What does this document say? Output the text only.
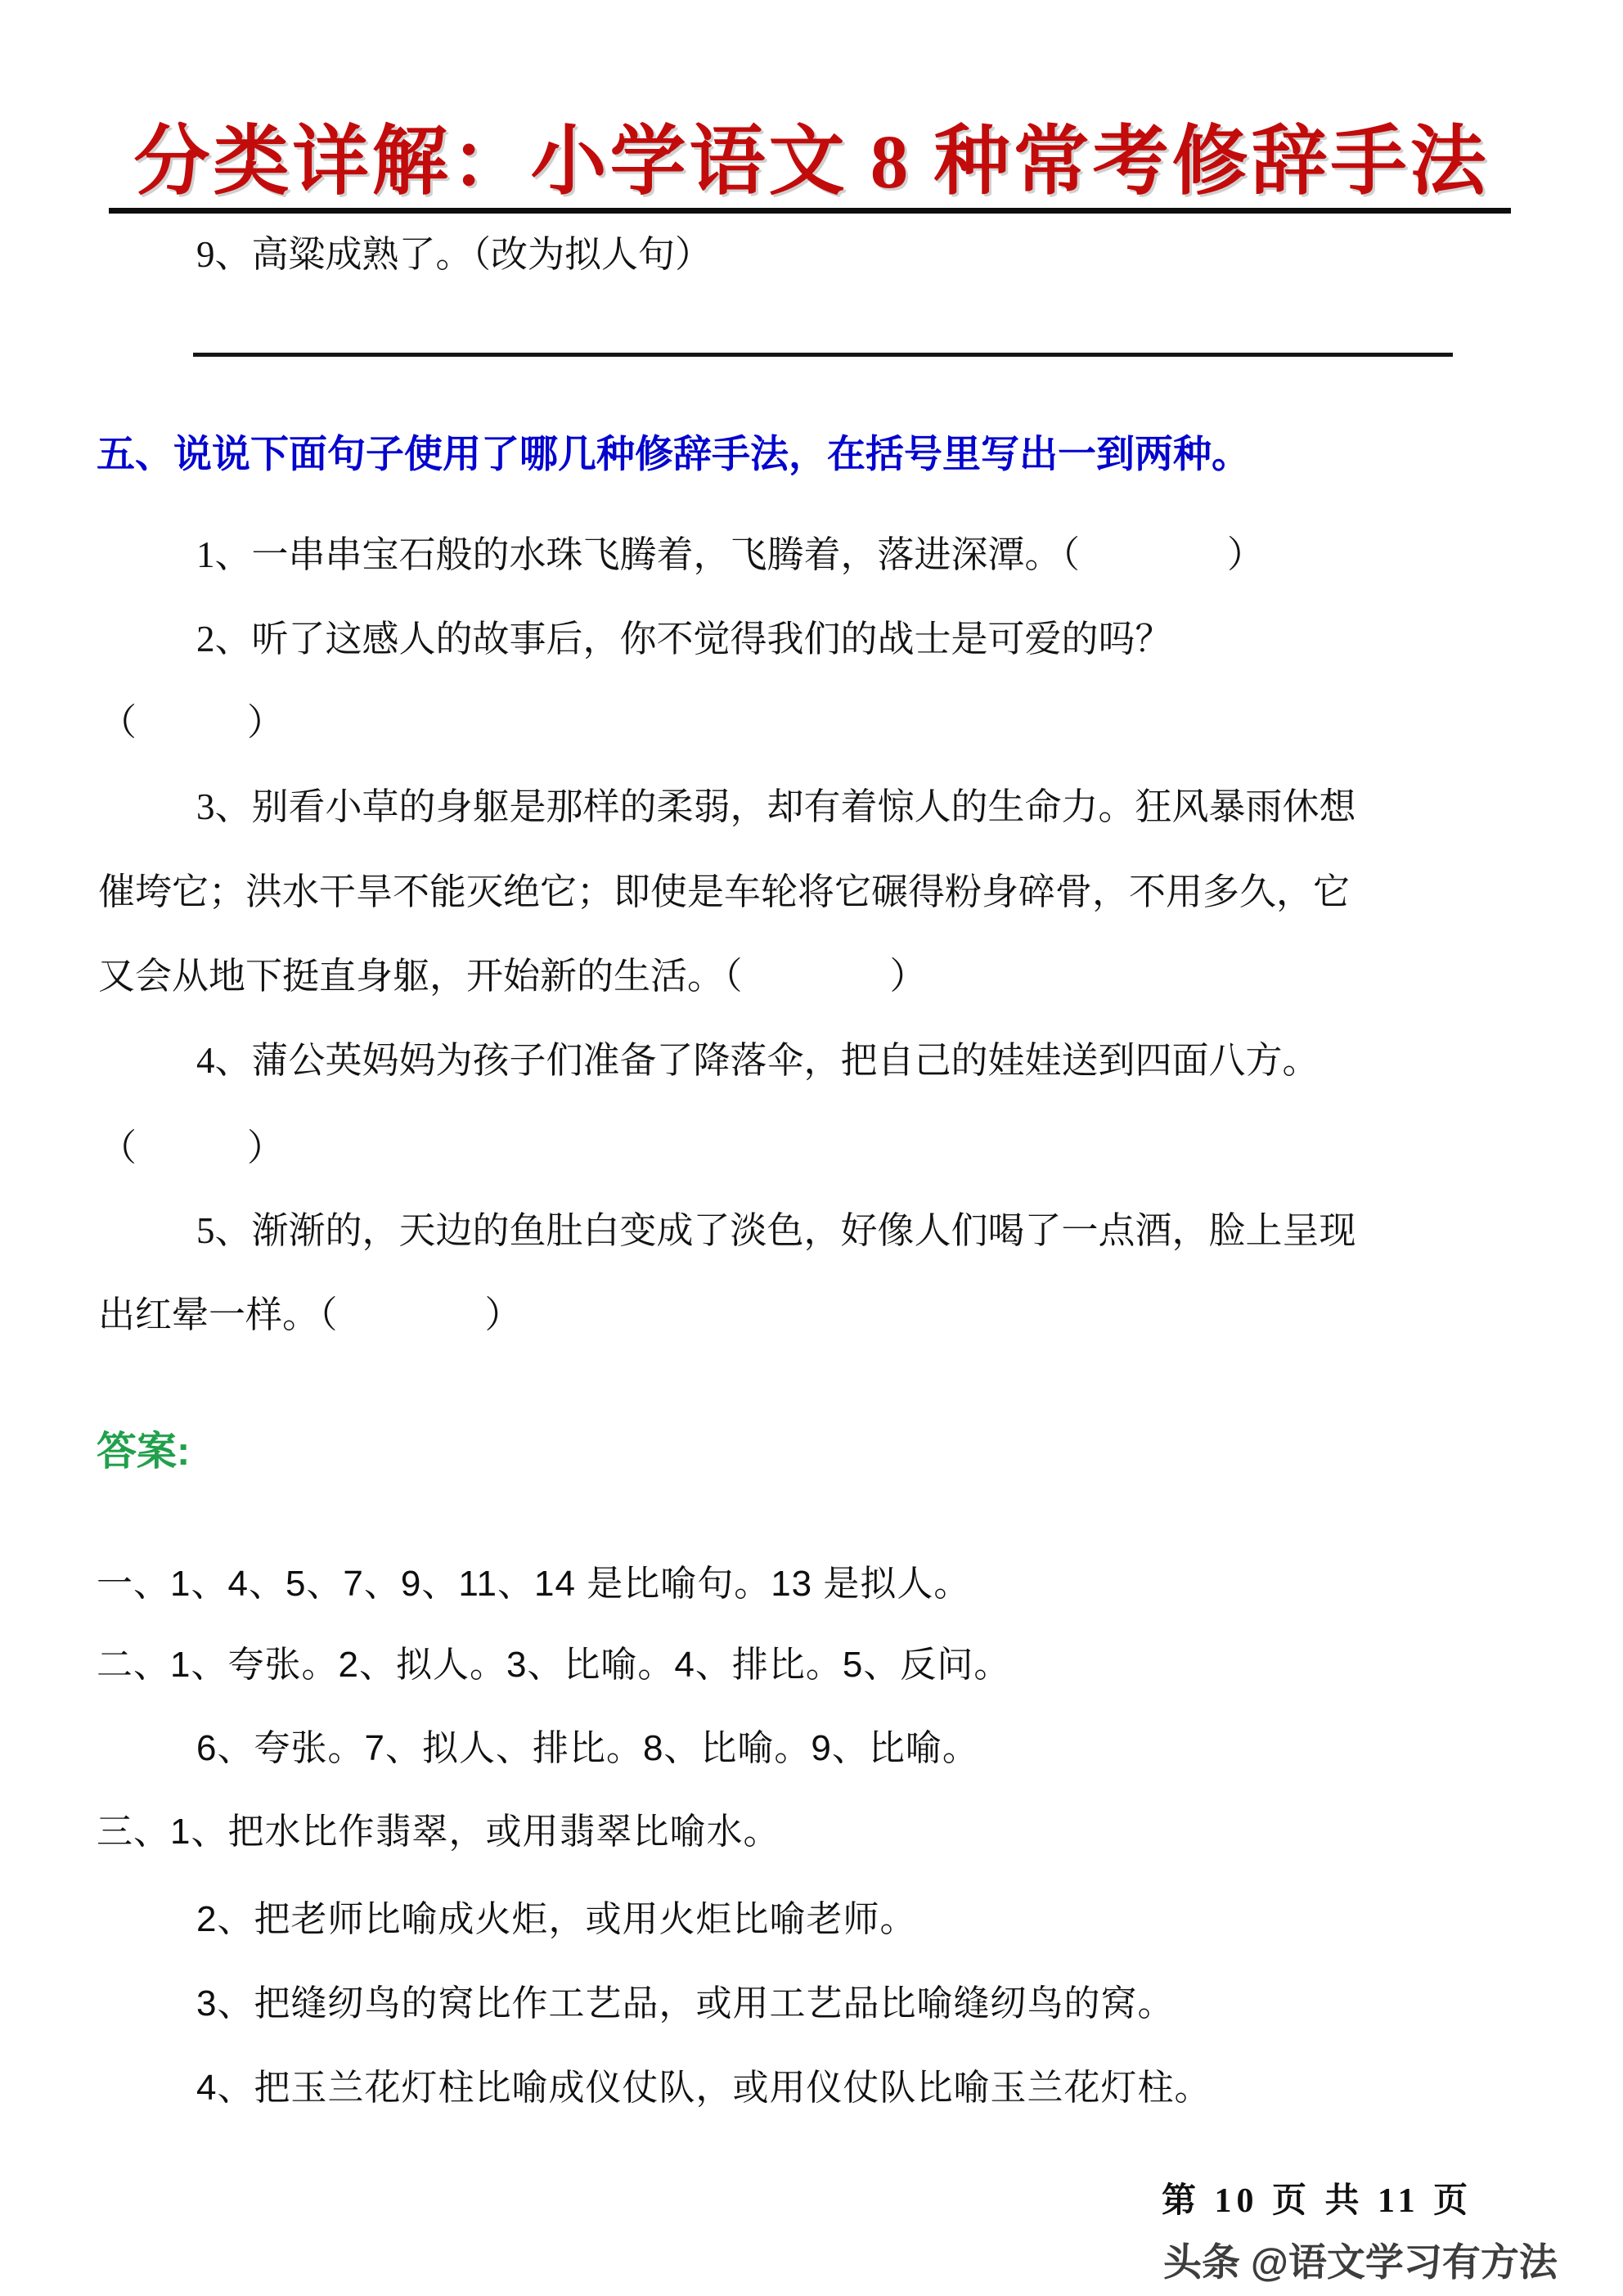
分类详解：小学语文 8 种常考修辞手法
9、高粱成熟了。（改为拟人句）
五、说说下面句子使用了哪几种修辞手法，在括号里写出一到两种。
1、一串串宝石般的水珠飞腾着，飞腾着，落进深潭。（　　　　）
2、听了这感人的故事后，你不觉得我们的战士是可爱的吗？
（　　　）
3、别看小草的身躯是那样的柔弱，却有着惊人的生命力。狂风暴雨休想
催垮它；洪水干旱不能灭绝它；即使是车轮将它碾得粉身碎骨，不用多久，它
又会从地下挺直身躯，开始新的生活。（　　　　）
4、蒲公英妈妈为孩子们准备了降落伞，把自己的娃娃送到四面八方。
（　　　）
5、渐渐的，天边的鱼肚白变成了淡色，好像人们喝了一点酒，脸上呈现
出红晕一样。（　　　　）
答案:
一、1、4、5、7、9、11、14 是比喻句。13 是拟人。
二、1、夸张。2、拟人。3、比喻。4、排比。5、反问。
6、夸张。7、拟人、排比。8、比喻。9、比喻。
三、1、把水比作翡翠，或用翡翠比喻水。
2、把老师比喻成火炬，或用火炬比喻老师。
3、把缝纫鸟的窝比作工艺品，或用工艺品比喻缝纫鸟的窝。
4、把玉兰花灯柱比喻成仪仗队，或用仪仗队比喻玉兰花灯柱。
第 10 页 共 11 页
头条 @语文学习有方法
